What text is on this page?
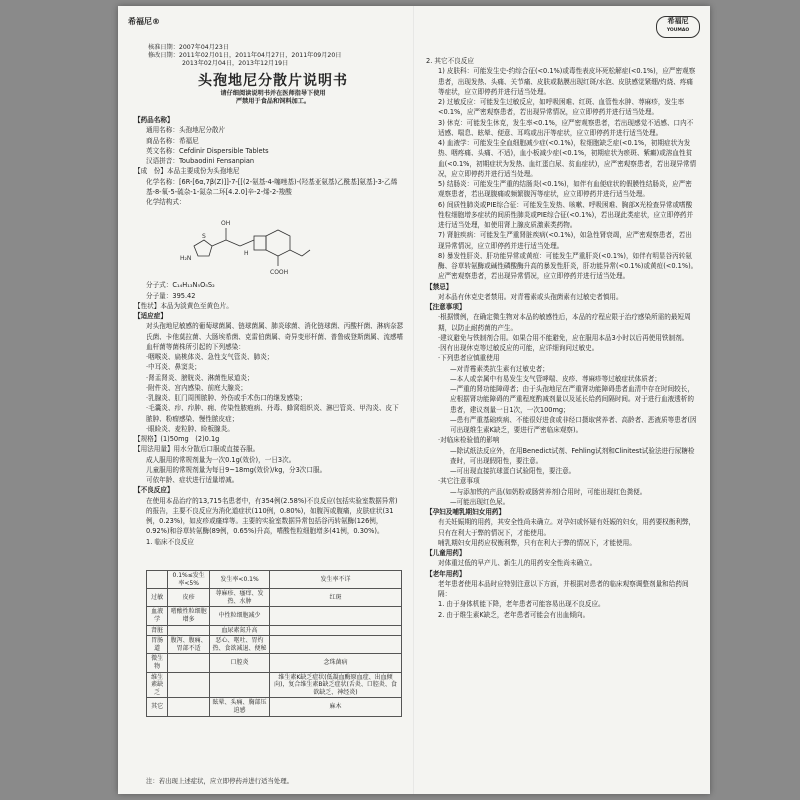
希福尼®	希福尼
YOUMAO
核准日期：2007年04月23日
修改日期：2011年02月01日，2011年04月27日，2011年09月20日
2013年02月04日，2013年12月19日
头孢地尼分散片说明书
请仔细阅读说明书并在医师指导下使用
严禁用于食品和饲料加工。

【药品名称】

通用名称：头孢地尼分散片

商品名称：希福尼

英文名称：Cefdinir Dispersible Tablets

汉语拼音：Toubaodini Fensanpian

【成　份】本品主要成份为头孢地尼

化学名称：[6R-[6α,7β(Z)]]-7-[[(2-氨基-4-噻唑基)-(羟基亚氨基)乙酰基]氨基]-3-乙烯基-8-氧-5-硫杂-1-氮杂二环[4.2.0]辛-2-烯-2-羧酸

化学结构式：

H₂N
OH
S
H
COOH

分子式：C₁₄H₁₃N₅O₅S₂

分子量：395.42

【性状】本品为淡黄色至黄色片。

【适应症】

对头孢地尼敏感的葡萄球菌属、链球菌属、肺炎球菌、消化链球菌、丙酸杆菌、淋病奈瑟氏菌、卡他莫拉菌、大肠埃希菌、克雷伯菌属、奇异变形杆菌、普鲁威登斯菌属、流感嗜血杆菌等菌株所引起的下列感染：

·咽喉炎、扁桃体炎、急性支气管炎、肺炎；

·中耳炎、鼻窦炎；

·肾盂肾炎、膀胱炎、淋菌性尿道炎；

·附件炎、宫内感染、前庭大腺炎；

·乳腺炎、肛门周围脓肿、外伤或手术伤口的继发感染；

·毛囊炎、疖、疖肿、痈、传染性脓疱病、丹毒、蜂窝组织炎、淋巴管炎、甲沟炎、皮下脓肿、粉瘤感染、慢性脓皮症；

·眼睑炎、麦粒肿、睑板腺炎。

【规格】(1)50mg　(2)0.1g

【用法用量】用水分散后口服或直接吞服。

成人服用的常规剂量为一次0.1g(效价)，一日3次。

儿童服用的常规剂量为每日9~18mg(效价)/kg，分3次口服。

可依年龄、症状进行适量增减。

【不良反应】

在使用本品治疗的13,715名患者中，有354例(2.58%)不良反应(包括实验室数据异常)的报告，主要不良反应为消化道症状(110例，0.80%)，如腹泻或腹痛，皮肤症状(31例，0.23%)，如皮疹或瘙痒等。主要的实验室数据异常包括谷丙转氨酶(126例，0.92%)和谷草转氨酶(89例，0.65%)升高，嗜酸性粒细胞增多(41例，0.30%)。

1. 临床不良反应

	0.1%≤发生率<5%	发生率<0.1%	发生率不详
过敏	皮疹	荨麻疹、瘙痒、发热、水肿	红斑
血液学	嗜酸性粒细胞增多	中性粒细胞减少	
肾脏		血尿素氮升高	
胃肠道	腹泻、腹痛、胃部不适	恶心、呕吐、胃灼热、食欲减退、便秘	
微生物		口腔炎	念珠菌病
维生素缺乏			维生素K缺乏症状(低凝血酶原血症、出血倾向)，复合维生素B缺乏症状(舌炎、口腔炎、食欲缺乏、神经炎)
其它		眩晕、头痛、胸部压迫感	麻木
注：若出现上述症状，应立即停药并进行适当处理。

2. 其它不良反应

1) 皮肤科：可能发生史-约综合征(<0.1%)或毒性表皮坏死松解症(<0.1%)，应严密观察患者，出现发热、头痛、关节痛、皮肤或黏膜出现红斑/水泡、皮肤感觉紧绷/灼烧、疼痛等症状，应立即停药并进行适当处理。

2) 过敏反应：可能发生过敏反应，如呼吸困难、红斑、血管性水肿、荨麻疹，发生率<0.1%，应严密观察患者，若出现异常情况，应立即停药并进行适当处理。

3) 休克：可能发生休克，发生率<0.1%，应严密观察患者，若出现感觉不适感、口内不适感、喘息、眩晕、便意、耳鸣或出汗等症状，应立即停药并进行适当处理。

4) 血液学：可能发生全血细胞减少症(<0.1%)，粒细胞缺乏症(<0.1%，初期症状为发热、咽疼痛、头痛、不适)，血小板减少症(<0.1%，初期症状为瘀斑、紫癜)或溶血性贫血(<0.1%，初期症状为发热、血红蛋白尿、贫血症状)，应严密观察患者，若出现异常情况，应立即停药并进行适当处理。

5) 结肠炎：可能发生严重的结肠炎(<0.1%)，如伴有血便症状的假膜性结肠炎，应严密观察患者，若出现腹痛或频繁腹泻等症状，应立即停药并进行适当处理。

6) 间质性肺炎或PIE综合征：可能发生发热、咳嗽、呼吸困难、胸部X光检查异常或嗜酸性粒细胞增多症状的间质性肺炎或PIE综合征(<0.1%)，若出现此类症状，应立即停药并进行适当处理，如使用肾上腺皮质激素类药物。

7) 肾脏疾病：可能发生严重肾脏疾病(<0.1%)，如急性肾衰竭，应严密观察患者，若出现异常情况，应立即停药并进行适当处理。

8) 暴发性肝炎、肝功能异常或黄疸：可能发生严重肝炎(<0.1%)，如伴有明显谷丙转氨酶、谷草转氨酶或碱性磷酸酶升高的暴发性肝炎，肝功能异常(<0.1%)或黄疸(<0.1%)。应严密观察患者，若出现异常情况，应立即停药并进行适当处理。

【禁忌】

对本品有休克史者禁用。对青霉素或头孢菌素有过敏史者慎用。

【注意事项】

·根据惯例，在确定微生物对本品的敏感性后，本品的疗程应限于治疗感染所需的最短周期，以防止耐药菌的产生。

·建议避免与铁制剂合用。如果合用不能避免，应在服用本品3小时以后再使用铁制剂。

·因有出现休克等过敏反应的可能，应详细询问过敏史。

·下列患者应慎重使用

—对青霉素类抗生素有过敏史者；

—本人或亲属中有易发生支气管哮喘、皮疹、荨麻疹等过敏症状体质者；

—严重的肾功能障碍者；由于头孢地尼在严重肾功能障碍患者血清中存在时间较长，应根据肾功能障碍的严重程度酌减剂量以及延长给药间隔时间。对于进行血液透析的患者，建议剂量一日1次，一次100mg；

—患有严重基础疾病、不能很好进食或非经口摄取营养者、高龄者、恶液质等患者(因可出现维生素K缺乏，要进行严密临床观察)。

·对临床检验值的影响

—除试纸法反应外，在用Benedict试剂、Fehling试剂和Clinitest试验法进行尿糖检查时，可出现假阳性，要注意。

—可出现直接抗球蛋白试验阳性，要注意。

·其它注意事项

—与添加铁的产品(如奶粉或肠营养剂)合用时，可能出现红色粪便。

—可能出现红色尿。

【孕妇及哺乳期妇女用药】

有关妊娠期的用药，其安全性尚未确立。对孕妇或怀疑有妊娠的妇女，用药要权衡利弊，只有在利大于弊的情况下，才能使用。

哺乳期妇女用药应权衡利弊，只有在利大于弊的情况下，才能使用。

【儿童用药】

对体重过低的早产儿、新生儿的用药安全性尚未确立。

【老年用药】

老年患者使用本品时应特别注意以下方面，并根据对患者的临床观察调整剂量和给药间隔：

1. 由于身体机能下降，老年患者可能容易出现不良反应。

2. 由于维生素K缺乏，老年患者可能会有出血倾向。
